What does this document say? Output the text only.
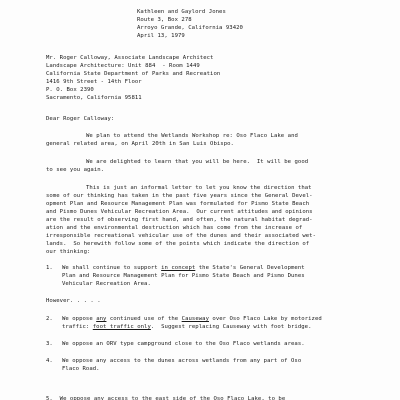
Kathleen and Gaylord Jones

Route 3, Box 278

Arroyo Grande, California 93420

April 13, 1979

Mr. Roger Calloway, Associate Landscape Architect

Landscape Architecture: Unit 884  - Room 1449

California State Department of Parks and Recreation

1416 9th Street - 14th Floor

P. O. Box 2390

Sacramento, California 95811

Dear Roger Calloway:

We plan to attend the Wetlands Workshop re: Oso Flaco Lake and

general related area, on April 20th in San Luis Obispo.

We are delighted to learn that you will be here.  It will be good

to see you again.

This is just an informal letter to let you know the direction that

some of our thinking has taken in the past five years since the General Devel-

opment Plan and Resource Management Plan was formulated for Pismo State Beach

and Pismo Dunes Vehicular Recreation Area.  Our current attitudes and opinions

are the result of observing first hand, and often, the natural habitat degrad-

ation and the environmental destruction which has come from the increase of

irresponsible recreational vehicular use of the dunes and their associated wet-

lands.  So herewith follow some of the points which indicate the direction of

our thinking:

1. We shall continue to support in concept the State's General Development

Plan and Resource Management Plan for Pismo State Beach and Pismo Dunes

Vehicular Recreation Area.

However. . . . .

2. We oppose any continued use of the Causeway over Oso Flaco Lake by motorized

traffic: foot traffic only.  Suggest replacing Causeway with foot bridge.

3. We oppose an ORV type campground close to the Oso Flaco wetlands areas.

4. We oppose any access to the dunes across wetlands from any part of Oso

Flaco Road.

5.  We oppose any access to the east side of the Oso Flaco Lake, to be
